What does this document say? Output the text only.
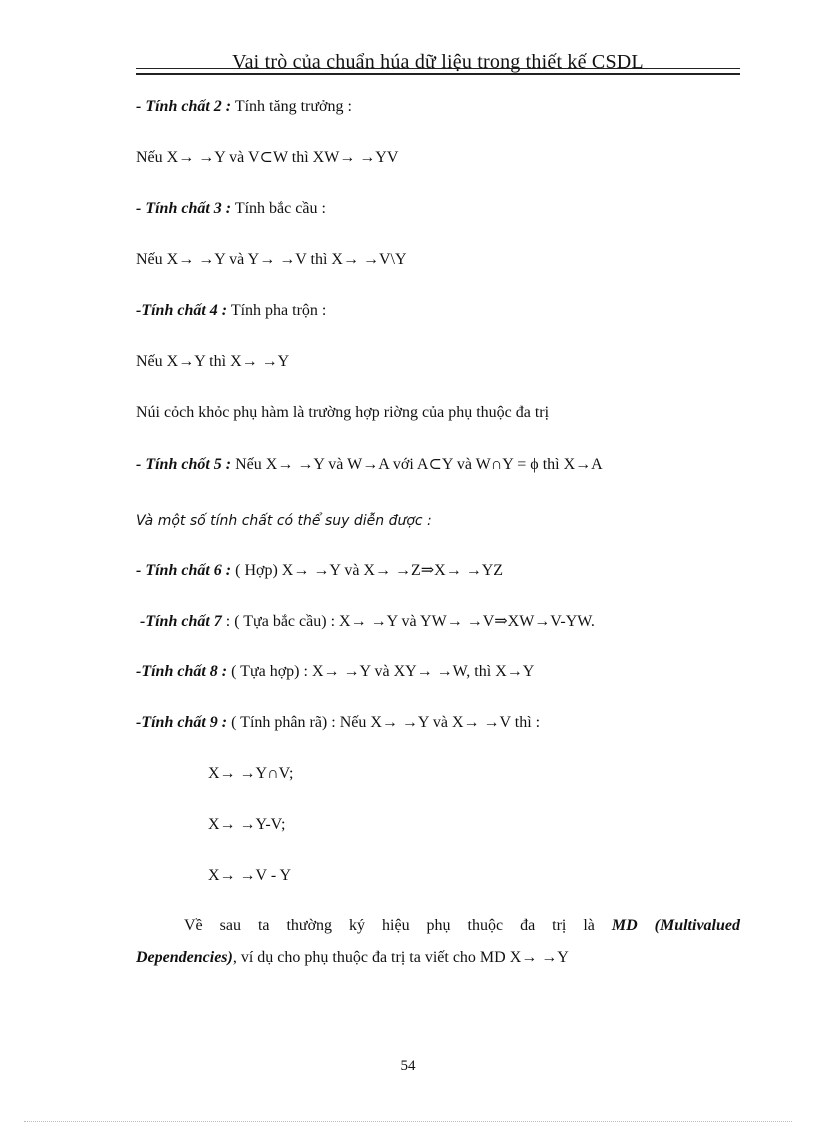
Vai trò của chuẩn húa dữ liệu trong thiết kế CSDL
- Tính chất 2 : Tính tăng trưởng :
Nếu X→ →Y và V⊂W thì XW→ →YV
- Tính chất 3 : Tính bắc cầu :
Nếu X→ →Y và Y→ →V thì X→ →V\Y
-Tính chất 4 : Tính pha trộn :
Nếu X→Y thì X→ →Y
Núi cỏch khỏc phụ hàm là trường hợp riờng của phụ thuộc đa trị
- Tính chốt 5 : Nếu X→ →Y và W→A với A⊂Y và W∩Y = ϕ thì X→A
Và một số tính chất có thể suy diễn được :
- Tính chất 6 : ( Hợp) X→ →Y và X→ →Z⇒X→ →YZ
-Tính chất 7 : ( Tựa bắc cầu) : X→ →Y và YW→ →V⇒XW→V-YW.
-Tính chất 8 : ( Tựa hợp) : X→ →Y và XY→ →W, thì X→Y
-Tính chất 9 : ( Tính phân rã) : Nếu X→ →Y và X→ →V thì :
X→ →Y∩V;
X→ →Y-V;
X→ →V - Y
Về sau ta thường ký hiệu phụ thuộc đa trị là MD (Multivalued
Dependencies), ví dụ cho phụ thuộc đa trị ta viết cho MD X→ →Y
54
